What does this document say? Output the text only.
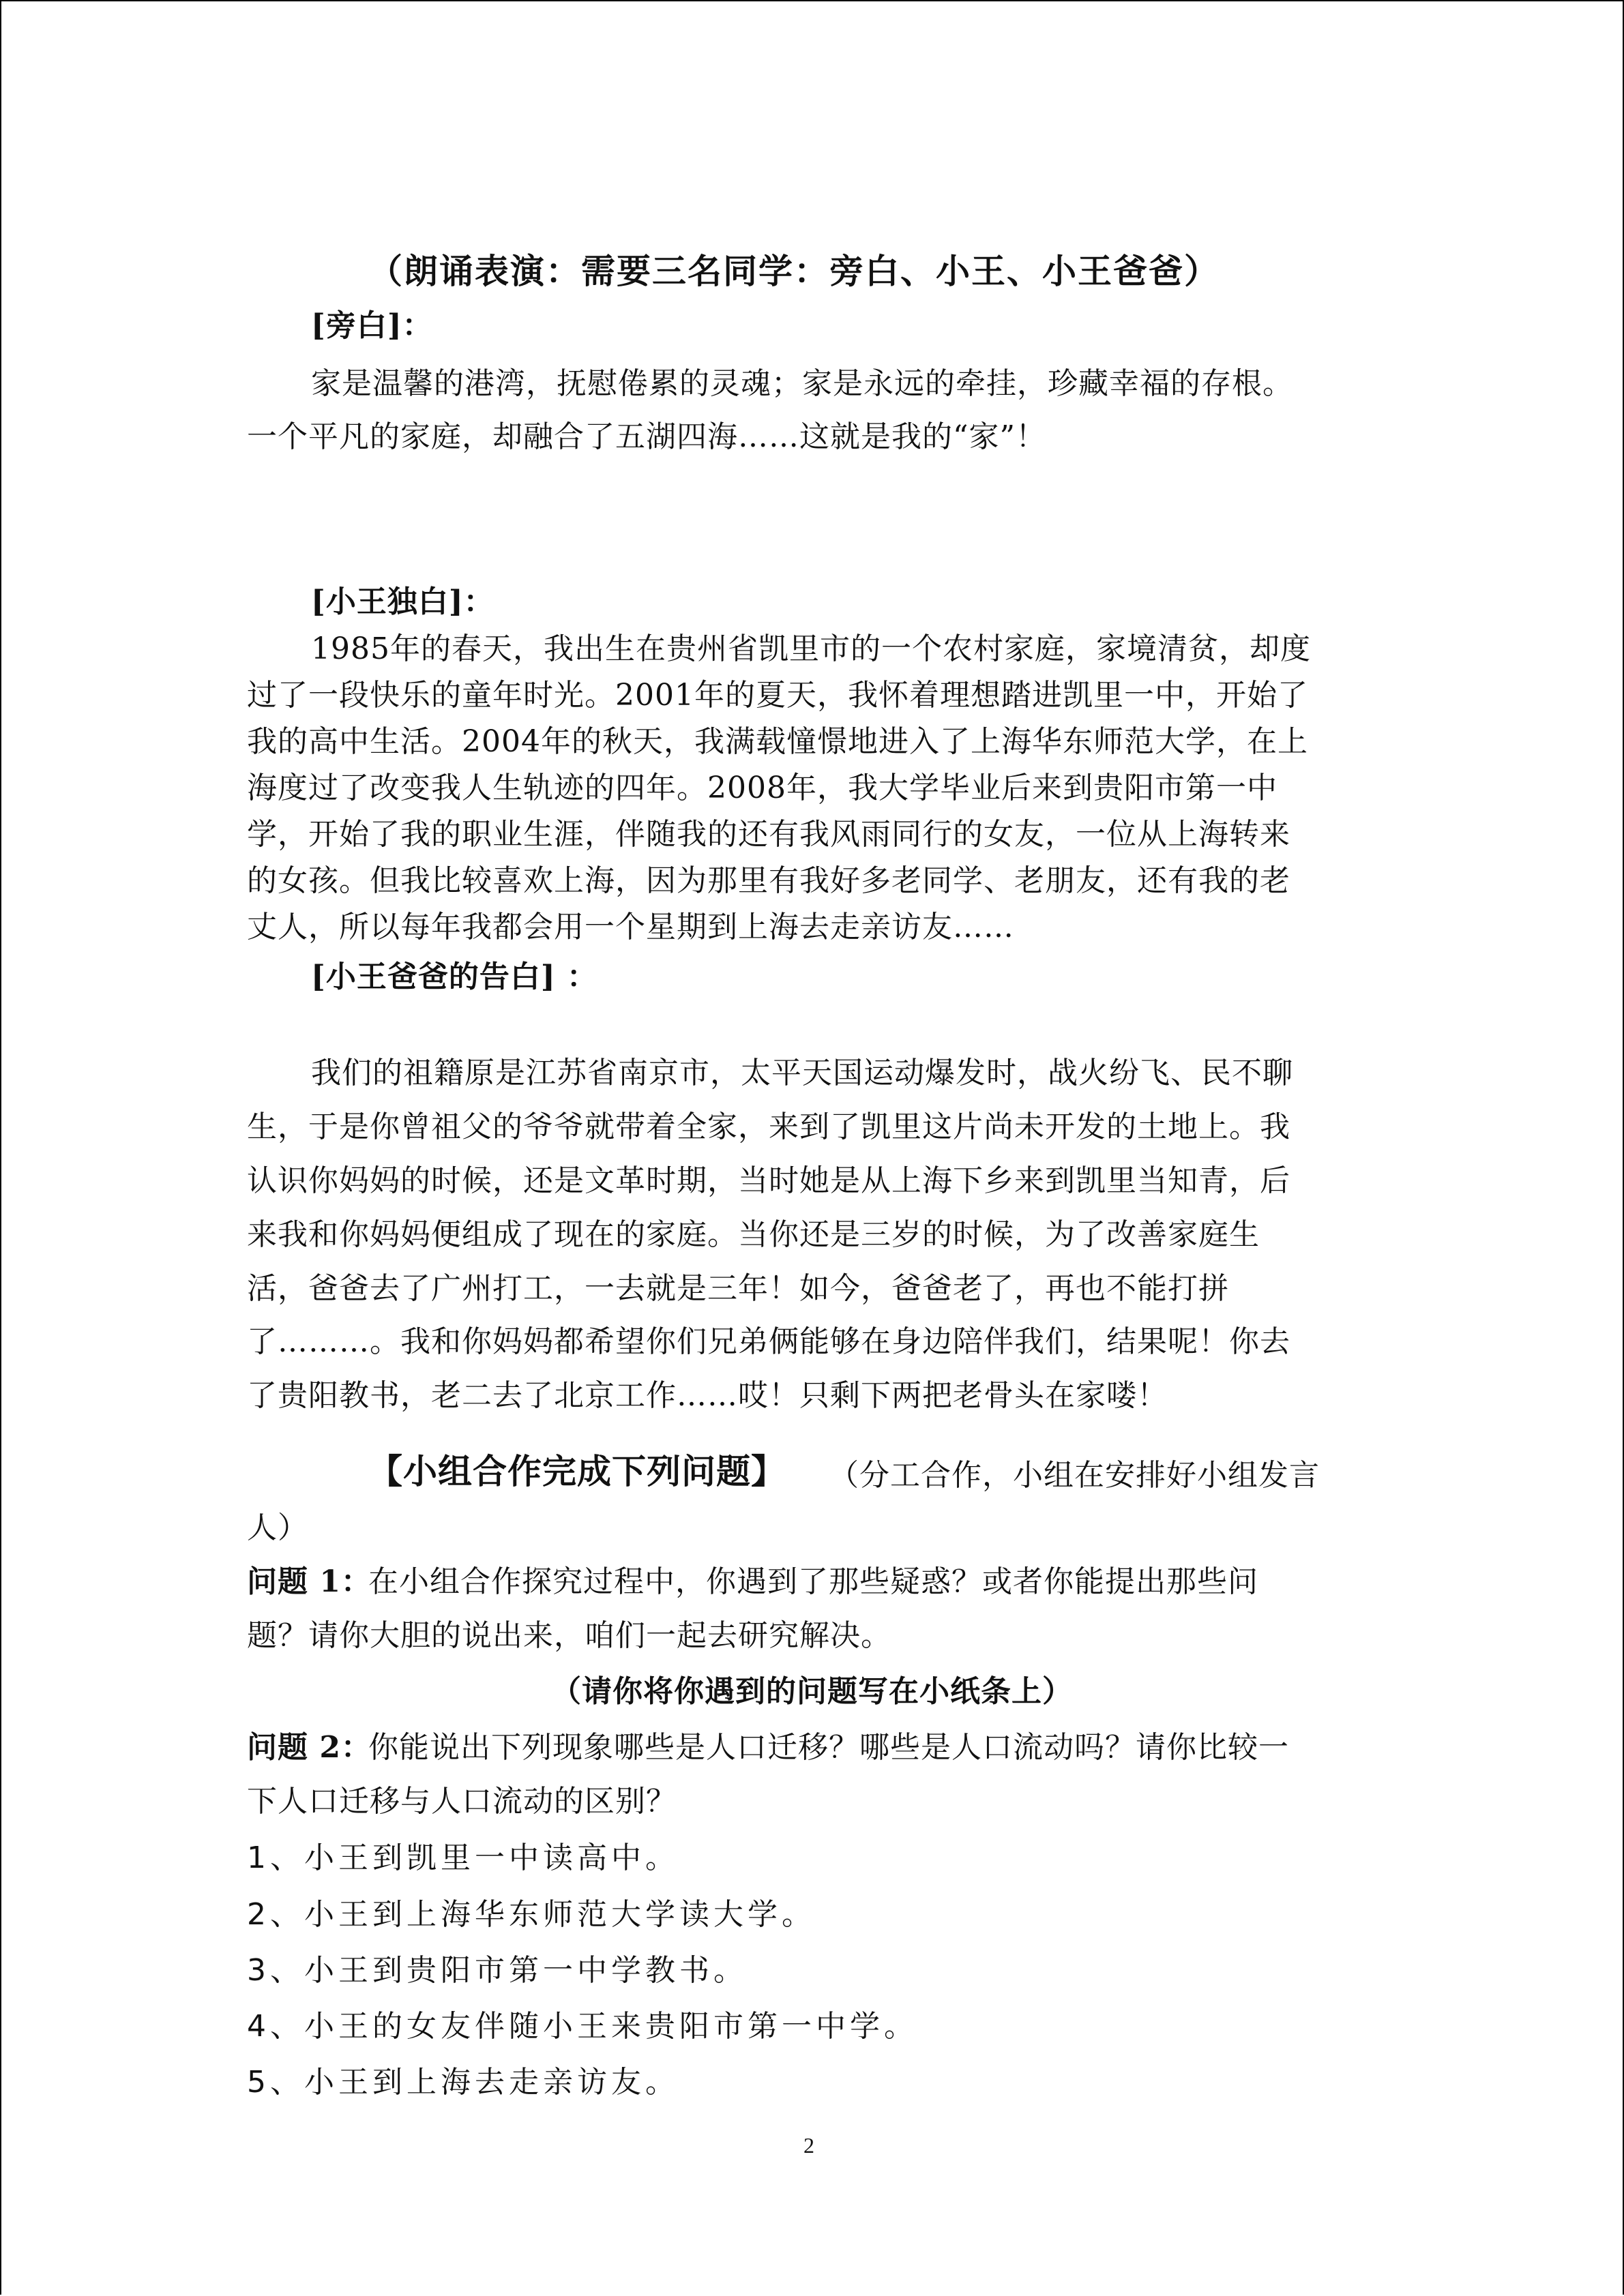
（朗诵表演：需要三名同学：旁白、小王、小王爸爸）
[旁白]：
家是温馨的港湾，抚慰倦累的灵魂；家是永远的牵挂，珍藏幸福的存根。
一个平凡的家庭，却融合了五湖四海……这就是我的“家”！
[小王独白]：
1985年的春天，我出生在贵州省凯里市的一个农村家庭，家境清贫，却度
过了一段快乐的童年时光。2001年的夏天，我怀着理想踏进凯里一中，开始了
我的高中生活。2004年的秋天，我满载憧憬地进入了上海华东师范大学，在上
海度过了改变我人生轨迹的四年。2008年，我大学毕业后来到贵阳市第一中
学，开始了我的职业生涯，伴随我的还有我风雨同行的女友，一位从上海转来
的女孩。但我比较喜欢上海，因为那里有我好多老同学、老朋友，还有我的老
丈人，所以每年我都会用一个星期到上海去走亲访友……
[小王爸爸的告白] ：
我们的祖籍原是江苏省南京市，太平天国运动爆发时，战火纷飞、民不聊
生，于是你曾祖父的爷爷就带着全家，来到了凯里这片尚未开发的土地上。我
认识你妈妈的时候，还是文革时期，当时她是从上海下乡来到凯里当知青，后
来我和你妈妈便组成了现在的家庭。当你还是三岁的时候，为了改善家庭生
活，爸爸去了广州打工，一去就是三年！如今，爸爸老了，再也不能打拼
了………。我和你妈妈都希望你们兄弟俩能够在身边陪伴我们，结果呢！你去
了贵阳教书，老二去了北京工作……哎！只剩下两把老骨头在家喽！
【小组合作完成下列问题】 （分工合作，小组在安排好小组发言
人）
问题 1：
在小组合作探究过程中，你遇到了那些疑惑？或者你能提出那些问
题？请你大胆的说出来，咱们一起去研究解决。
（请你将你遇到的问题写在小纸条上）
问题 2：
你能说出下列现象哪些是人口迁移？哪些是人口流动吗？请你比较一
下人口迁移与人口流动的区别？
1、小王到凯里一中读高中。
2、小王到上海华东师范大学读大学。
3、小王到贵阳市第一中学教书。
4、小王的女友伴随小王来贵阳市第一中学。
5、小王到上海去走亲访友。
2
